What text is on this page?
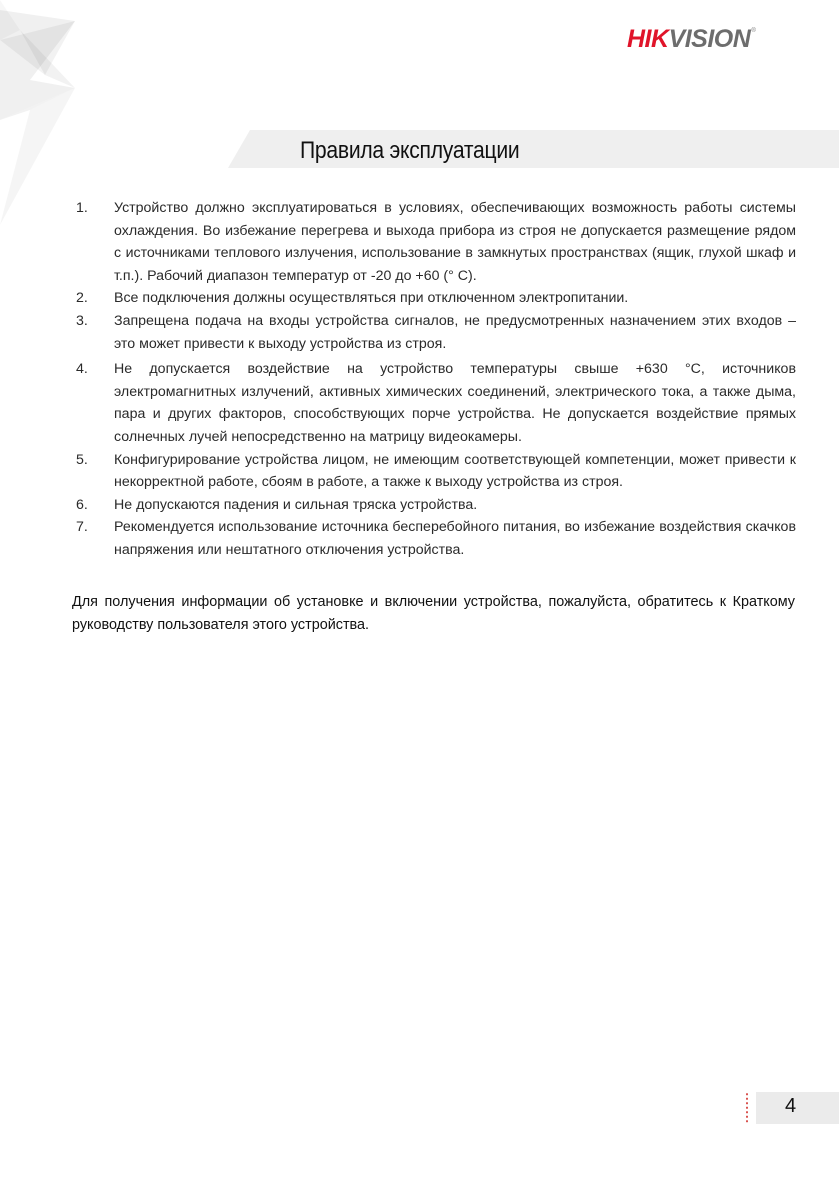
HIK VISION ®
Правила эксплуатации
1.	Устройство должно эксплуатироваться в условиях, обеспечивающих возможность работы системы охлаждения. Во избежание перегрева и выхода прибора из строя не допускается размещение рядом с источниками теплового излучения, использование в замкнутых пространствах (ящик, глухой шкаф и т.п.). Рабочий диапазон температур от -20 до +60 (° С).
2.	Все подключения должны осуществляться при отключенном электропитании.
3.	Запрещена подача на входы устройства сигналов, не предусмотренных назначением этих входов – это может привести к выходу устройства из строя.
4.	Не допускается воздействие на устройство температуры свыше +630 °С, источников электромагнитных излучений, активных химических соединений, электрического тока, а также дыма, пара и других факторов, способствующих порче устройства. Не допускается воздействие прямых солнечных лучей непосредственно на матрицу видеокамеры.
5.	Конфигурирование устройства лицом, не имеющим соответствующей компетенции, может привести к некорректной работе, сбоям в работе, а также к выходу устройства из строя.
6.	Не допускаются падения и сильная тряска устройства.
7.	Рекомендуется использование источника бесперебойного питания, во избежание воздействия скачков напряжения или нештатного отключения устройства.

Для получения информации об установке и включении устройства, пожалуйста, обратитесь к Краткому руководству пользователя этого устройства.

4
